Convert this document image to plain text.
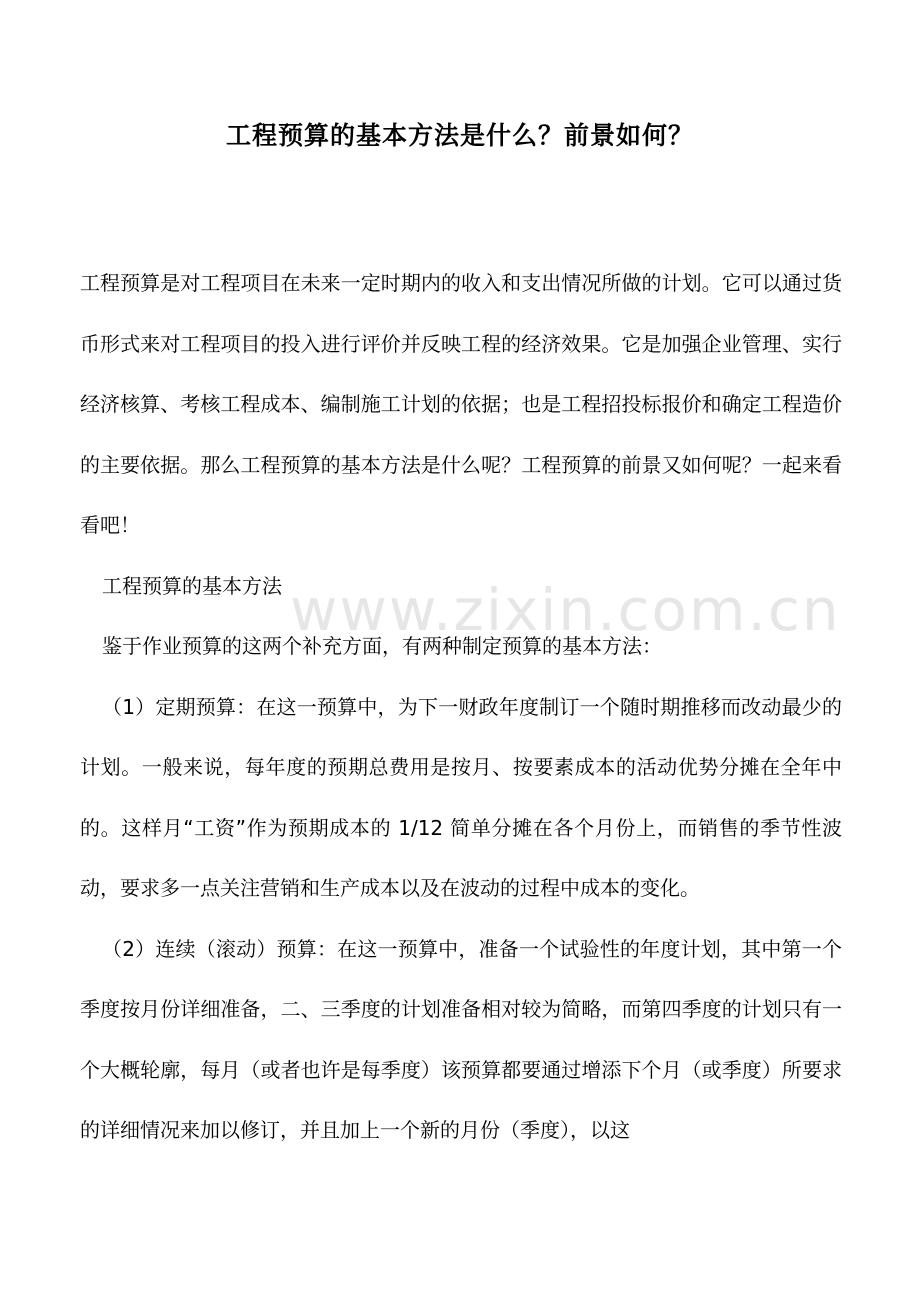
www.zixin.com.cn
工程预算的基本方法是什么？前景如何？

工程预算是对工程项目在未来一定时期内的收入和支出情况所做的计划。它可以通过货币形式来对工程项目的投入进行评价并反映工程的经济效果。它是加强企业管理、实行经济核算、考核工程成本、编制施工计划的依据；也是工程招投标报价和确定工程造价的主要依据。那么工程预算的基本方法是什么呢？工程预算的前景又如何呢？一起来看看吧！

工程预算的基本方法

鉴于作业预算的这两个补充方面，有两种制定预算的基本方法：

（1）定期预算：在这一预算中，为下一财政年度制订一个随时期推移而改动最少的计划。一般来说，每年度的预期总费用是按月、按要素成本的活动优势分摊在全年中的。这样月“工资”作为预期成本的 1/12 简单分摊在各个月份上，而销售的季节性波动，要求多一点关注营销和生产成本以及在波动的过程中成本的变化。

（2）连续（滚动）预算：在这一预算中，准备一个试验性的年度计划，其中第一个季度按月份详细准备，二、三季度的计划准备相对较为简略，而第四季度的计划只有一个大概轮廓，每月（或者也许是每季度）该预算都要通过增添下个月（或季度）所要求的详细情况来加以修订，并且加上一个新的月份（季度），以这
